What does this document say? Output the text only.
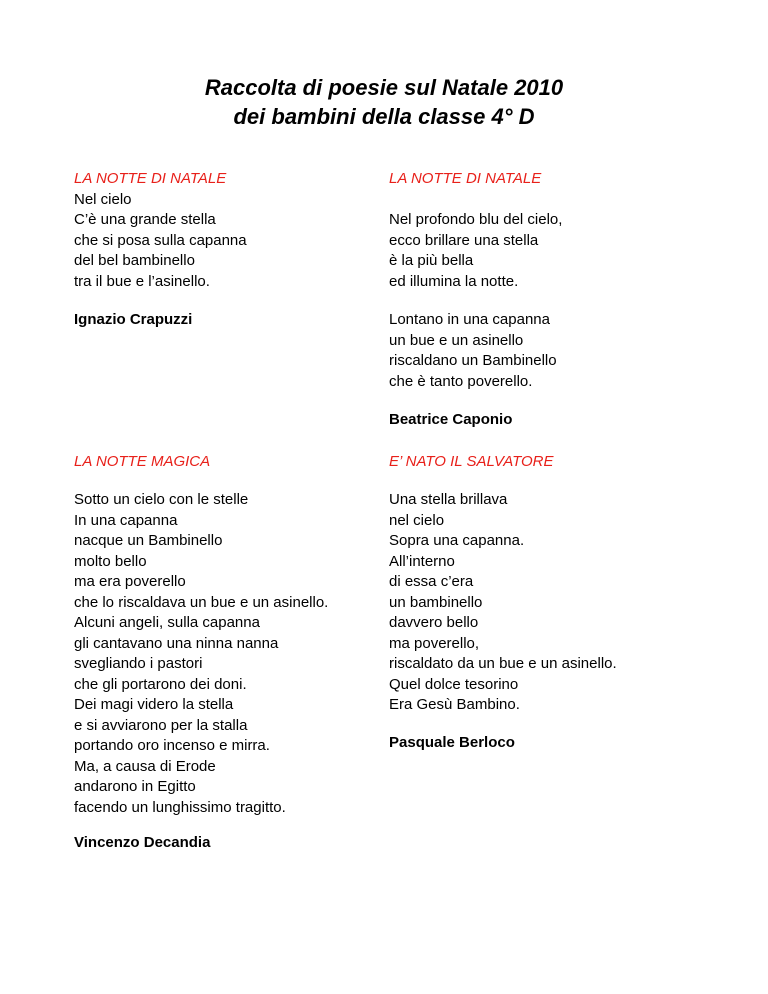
Raccolta di poesie sul Natale 2010
dei bambini della classe 4° D
LA NOTTE DI NATALE
Nel cielo
C’è una grande stella
che si posa sulla capanna
del bel bambinello
tra il bue e l’asinello.
Ignazio Crapuzzi
LA NOTTE DI NATALE
Nel profondo blu del cielo,
ecco brillare una stella
è la più bella
ed illumina la notte.
Lontano in una capanna
un bue e un asinello
riscaldano un Bambinello
che è tanto poverello.
Beatrice Caponio
LA NOTTE MAGICA
Sotto un cielo con le stelle
In una capanna
nacque un Bambinello
molto bello
ma era poverello
che lo riscaldava un bue e un asinello.
Alcuni angeli, sulla capanna
gli cantavano una ninna nanna
svegliando i pastori
che gli portarono dei doni.
Dei magi videro la stella
e si avviarono per la stalla
portando oro incenso e mirra.
Ma, a causa di Erode
andarono in Egitto
facendo un lunghissimo tragitto.
Vincenzo Decandia
E’ NATO IL SALVATORE
Una stella brillava
nel cielo
Sopra una capanna.
All’interno
di essa c’era
un bambinello
davvero bello
ma poverello,
riscaldato da un bue e un asinello.
Quel dolce tesorino
Era Gesù Bambino.
Pasquale Berloco
